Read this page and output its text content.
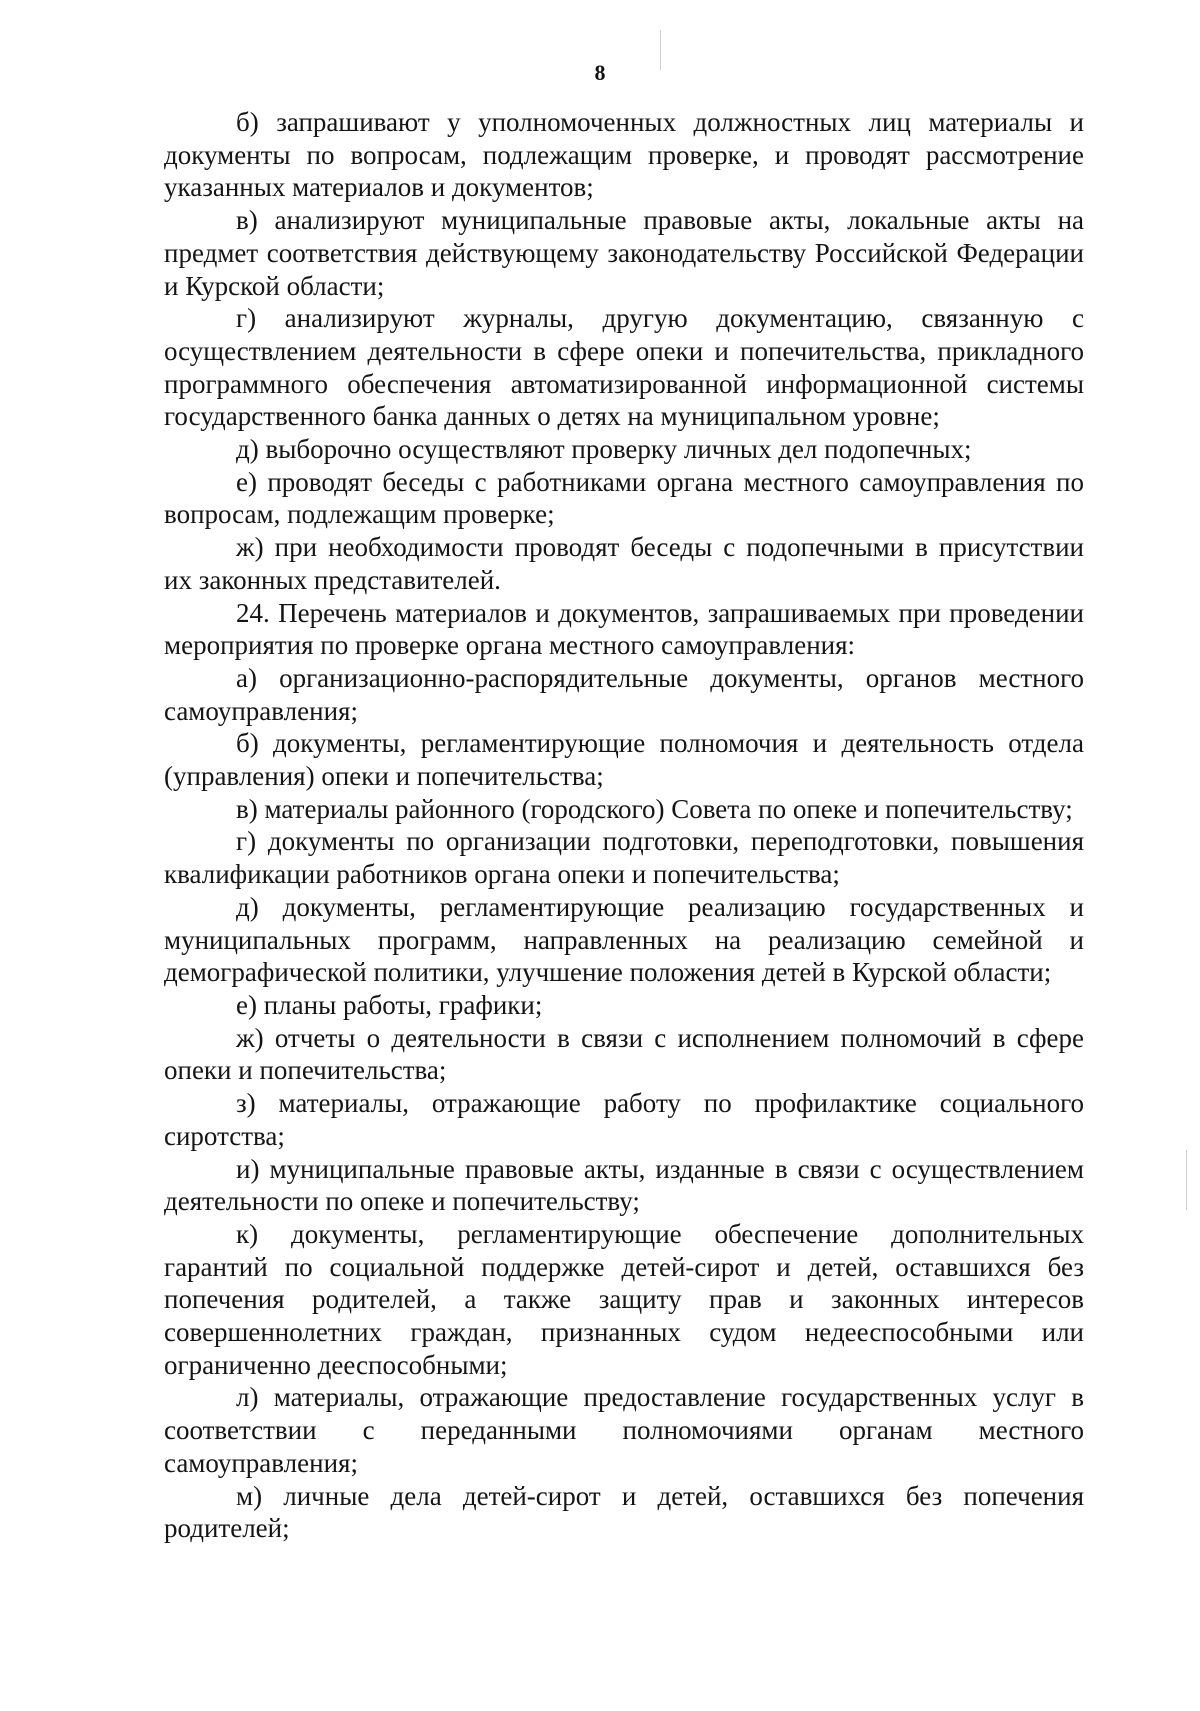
8

б) запрашивают у уполномоченных должностных лиц материалы и документы по вопросам, подлежащим проверке, и проводят рассмотрение указанных материалов и документов;

в) анализируют муниципальные правовые акты, локальные акты на предмет соответствия действующему законодательству Российской Федерации и Курской области;

г) анализируют журналы, другую документацию, связанную с осуществлением деятельности в сфере опеки и попечительства, прикладного программного обеспечения автоматизированной информационной системы государственного банка данных о детях на муниципальном уровне;

д) выборочно осуществляют проверку личных дел подопечных;

е) проводят беседы с работниками органа местного самоуправления по вопросам, подлежащим проверке;

ж) при необходимости проводят беседы с подопечными в присутствии их законных представителей.

24. Перечень материалов и документов, запрашиваемых при проведении мероприятия по проверке органа местного самоуправления:

а) организационно-распорядительные документы, органов местного самоуправления;

б) документы, регламентирующие полномочия и деятельность отдела (управления) опеки и попечительства;

в) материалы районного (городского) Совета по опеке и попечительству;

г) документы по организации подготовки, переподготовки, повышения квалификации работников органа опеки и попечительства;

д) документы, регламентирующие реализацию государственных и муниципальных программ, направленных на реализацию семейной и демографической политики, улучшение положения детей в Курской области;

е) планы работы, графики;

ж) отчеты о деятельности в связи с исполнением полномочий в сфере опеки и попечительства;

з) материалы, отражающие работу по профилактике социального сиротства;

и) муниципальные правовые акты, изданные в связи с осуществлением деятельности по опеке и попечительству;

к) документы, регламентирующие обеспечение дополнительных гарантий по социальной поддержке детей-сирот и детей, оставшихся без попечения родителей, а также защиту прав и законных интересов совершеннолетних граждан, признанных судом недееспособными или ограниченно дееспособными;

л) материалы, отражающие предоставление государственных услуг в соответствии с переданными полномочиями органам местного самоуправления;

м) личные дела детей-сирот и детей, оставшихся без попечения родителей;
